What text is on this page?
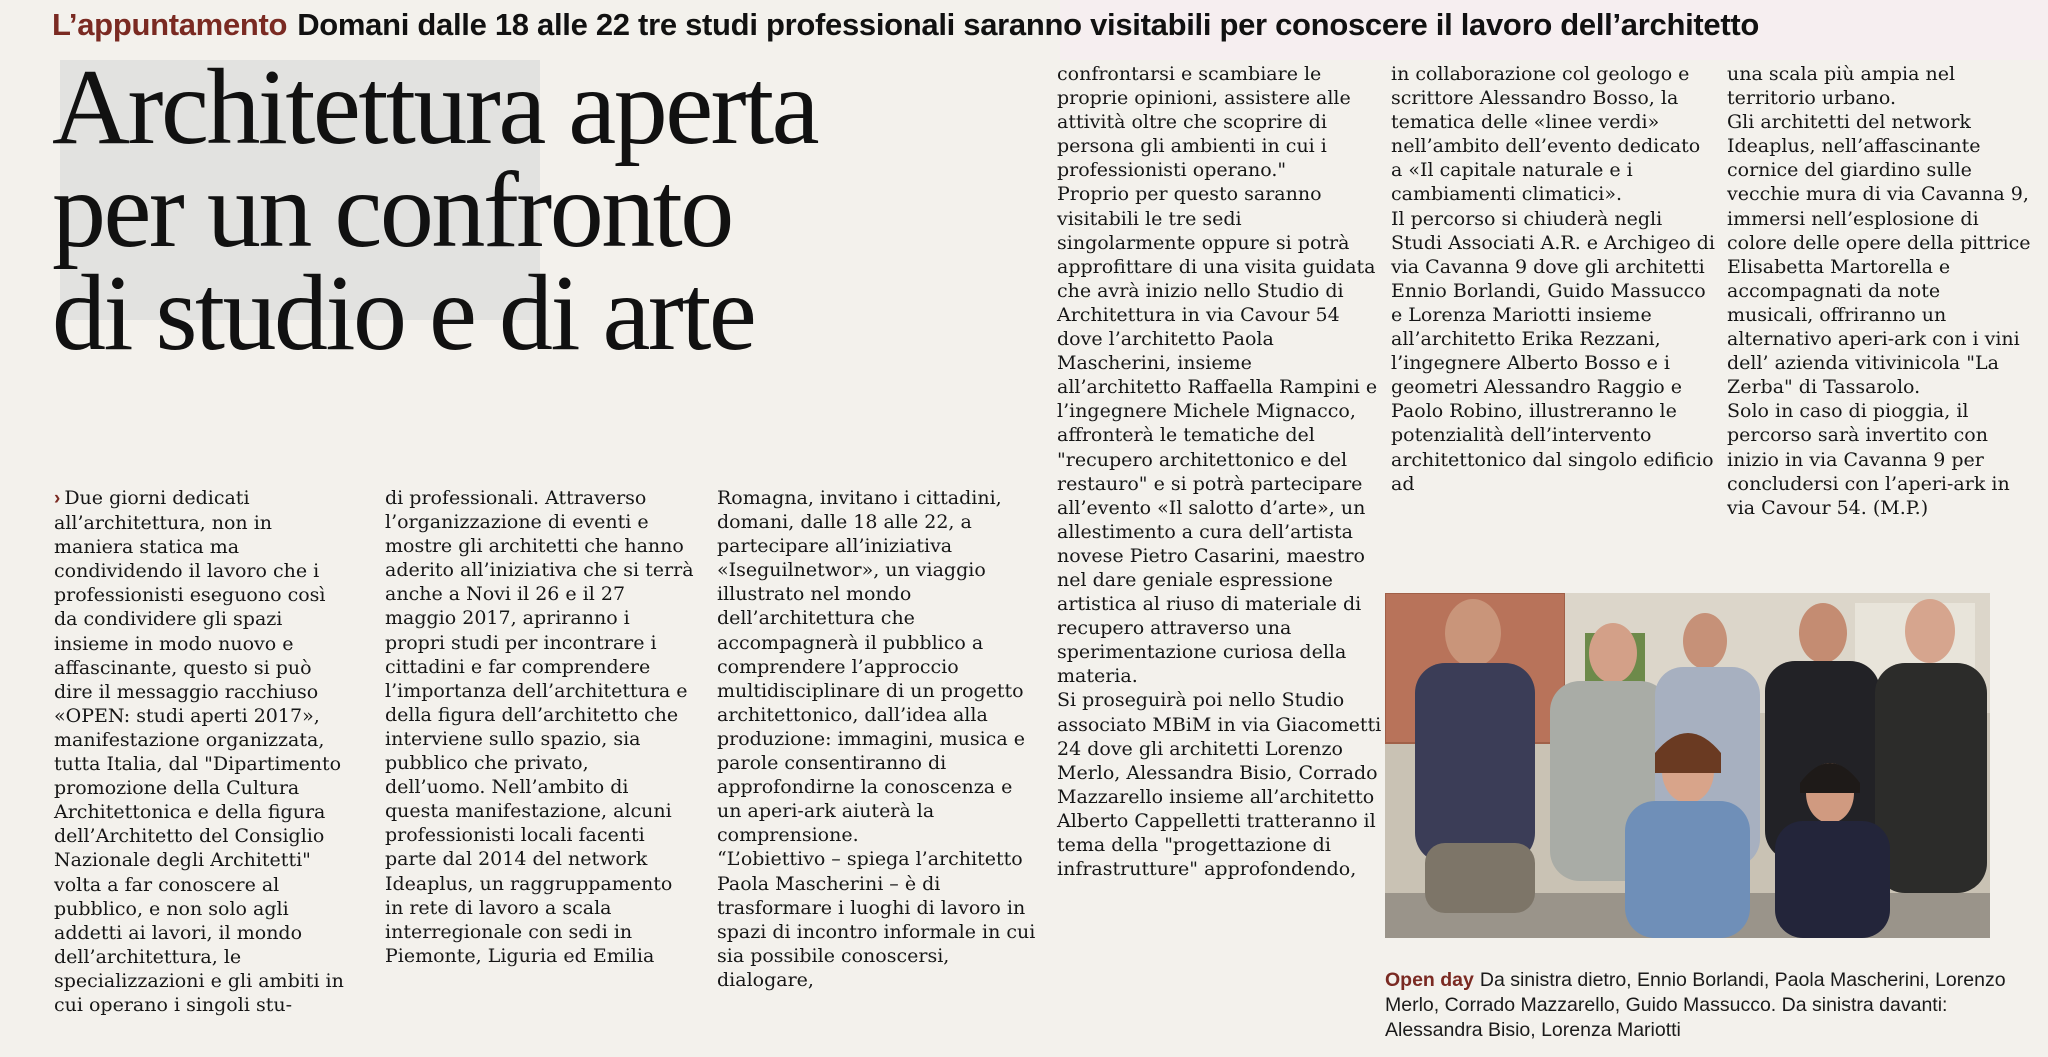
L’appuntamento Domani dalle 18 alle 22 tre studi professionali saranno visitabili per conoscere il lavoro dell’architetto
Architettura aperta
per un confronto
di studio e di arte

› Due giorni dedicati all’architettura, non in maniera statica ma condividendo il lavoro che i professionisti eseguono così da condividere gli spazi insieme in modo nuovo e affascinante, questo si può dire il messaggio racchiuso «OPEN: studi aperti 2017», manifestazione organizzata, tutta Italia, dal "Dipartimento promozione della Cultura Architettonica e della figura dell’Architetto del Consiglio Nazionale degli Architetti" volta a far conoscere al pubblico, e non solo agli addetti ai lavori, il mondo dell’architettura, le specializzazioni e gli ambiti in cui operano i singoli stu-

di professionali. Attraverso l’organizzazione di eventi e mostre gli architetti che hanno aderito all’iniziativa che si terrà anche a Novi il 26 e il 27 maggio 2017, apriranno i propri studi per incontrare i cittadini e far comprendere l’importanza dell’architettura e della figura dell’architetto che interviene sullo spazio, sia pubblico che privato, dell’uomo. Nell’ambito di questa manifestazione, alcuni professionisti locali facenti parte dal 2014 del network Ideaplus, un raggruppamento in rete di lavoro a scala interregionale con sedi in Piemonte, Liguria ed Emilia

Romagna, invitano i cittadini, domani, dalle 18 alle 22, a partecipare all’iniziativa «Iseguilnetwor», un viaggio illustrato nel mondo dell’architettura che accompagnerà il pubblico a comprendere l’approccio multidisciplinare di un progetto architettonico, dall’idea alla produzione: immagini, musica e parole consentiranno di approfondirne la conoscenza e un aperi-ark aiuterà la comprensione.

“L’obiettivo – spiega l’architetto Paola Mascherini – è di trasformare i luoghi di lavoro in spazi di incontro informale in cui sia possibile conoscersi, dialogare,

confrontarsi e scambiare le proprie opinioni, assistere alle attività oltre che scoprire di persona gli ambienti in cui i professionisti operano."

Proprio per questo saranno visitabili le tre sedi singolarmente oppure si potrà approfittare di una visita guidata che avrà inizio nello Studio di Architettura in via Cavour 54 dove l’architetto Paola Mascherini, insieme all’architetto Raffaella Rampini e l’ingegnere Michele Mignacco, affronterà le tematiche del "recupero architettonico e del restauro" e si potrà partecipare all’evento «Il salotto d’arte», un allestimento a cura dell’artista novese Pietro Casarini, maestro nel dare geniale espressione artistica al riuso di materiale di recupero attraverso una sperimentazione curiosa della materia.

Si proseguirà poi nello Studio associato MBiM in via Giacometti 24 dove gli architetti Lorenzo Merlo, Alessandra Bisio, Corrado Mazzarello insieme all’architetto Alberto Cappelletti tratteranno il tema della "progettazione di infrastrutture" approfondendo,

in collaborazione col geologo e scrittore Alessandro Bosso, la tematica delle «linee verdi» nell’ambito dell’evento dedicato a «Il capitale naturale e i cambiamenti climatici».

Il percorso si chiuderà negli Studi Associati A.R. e Archigeo di via Cavanna 9 dove gli architetti Ennio Borlandi, Guido Massucco e Lorenza Mariotti insieme all’architetto Erika Rezzani, l’ingegnere Alberto Bosso e i geometri Alessandro Raggio e Paolo Robino, illustreranno le potenzialità dell’intervento architettonico dal singolo edificio ad

una scala più ampia nel territorio urbano.

Gli architetti del network Ideaplus, nell’affascinante cornice del giardino sulle vecchie mura di via Cavanna 9, immersi nell’esplosione di colore delle opere della pittrice Elisabetta Martorella e accompagnati da note musicali, offriranno un alternativo aperi-ark con i vini dell’ azienda vitivinicola "La Zerba" di Tassarolo.

Solo in caso di pioggia, il percorso sarà invertito con inizio in via Cavanna 9 per concludersi con l’aperi-ark in via Cavour 54. (M.P.)

Open day Da sinistra dietro, Ennio Borlandi, Paola Mascherini, Lorenzo Merlo, Corrado Mazzarello, Guido Massucco. Da sinistra davanti: Alessandra Bisio, Lorenza Mariotti
